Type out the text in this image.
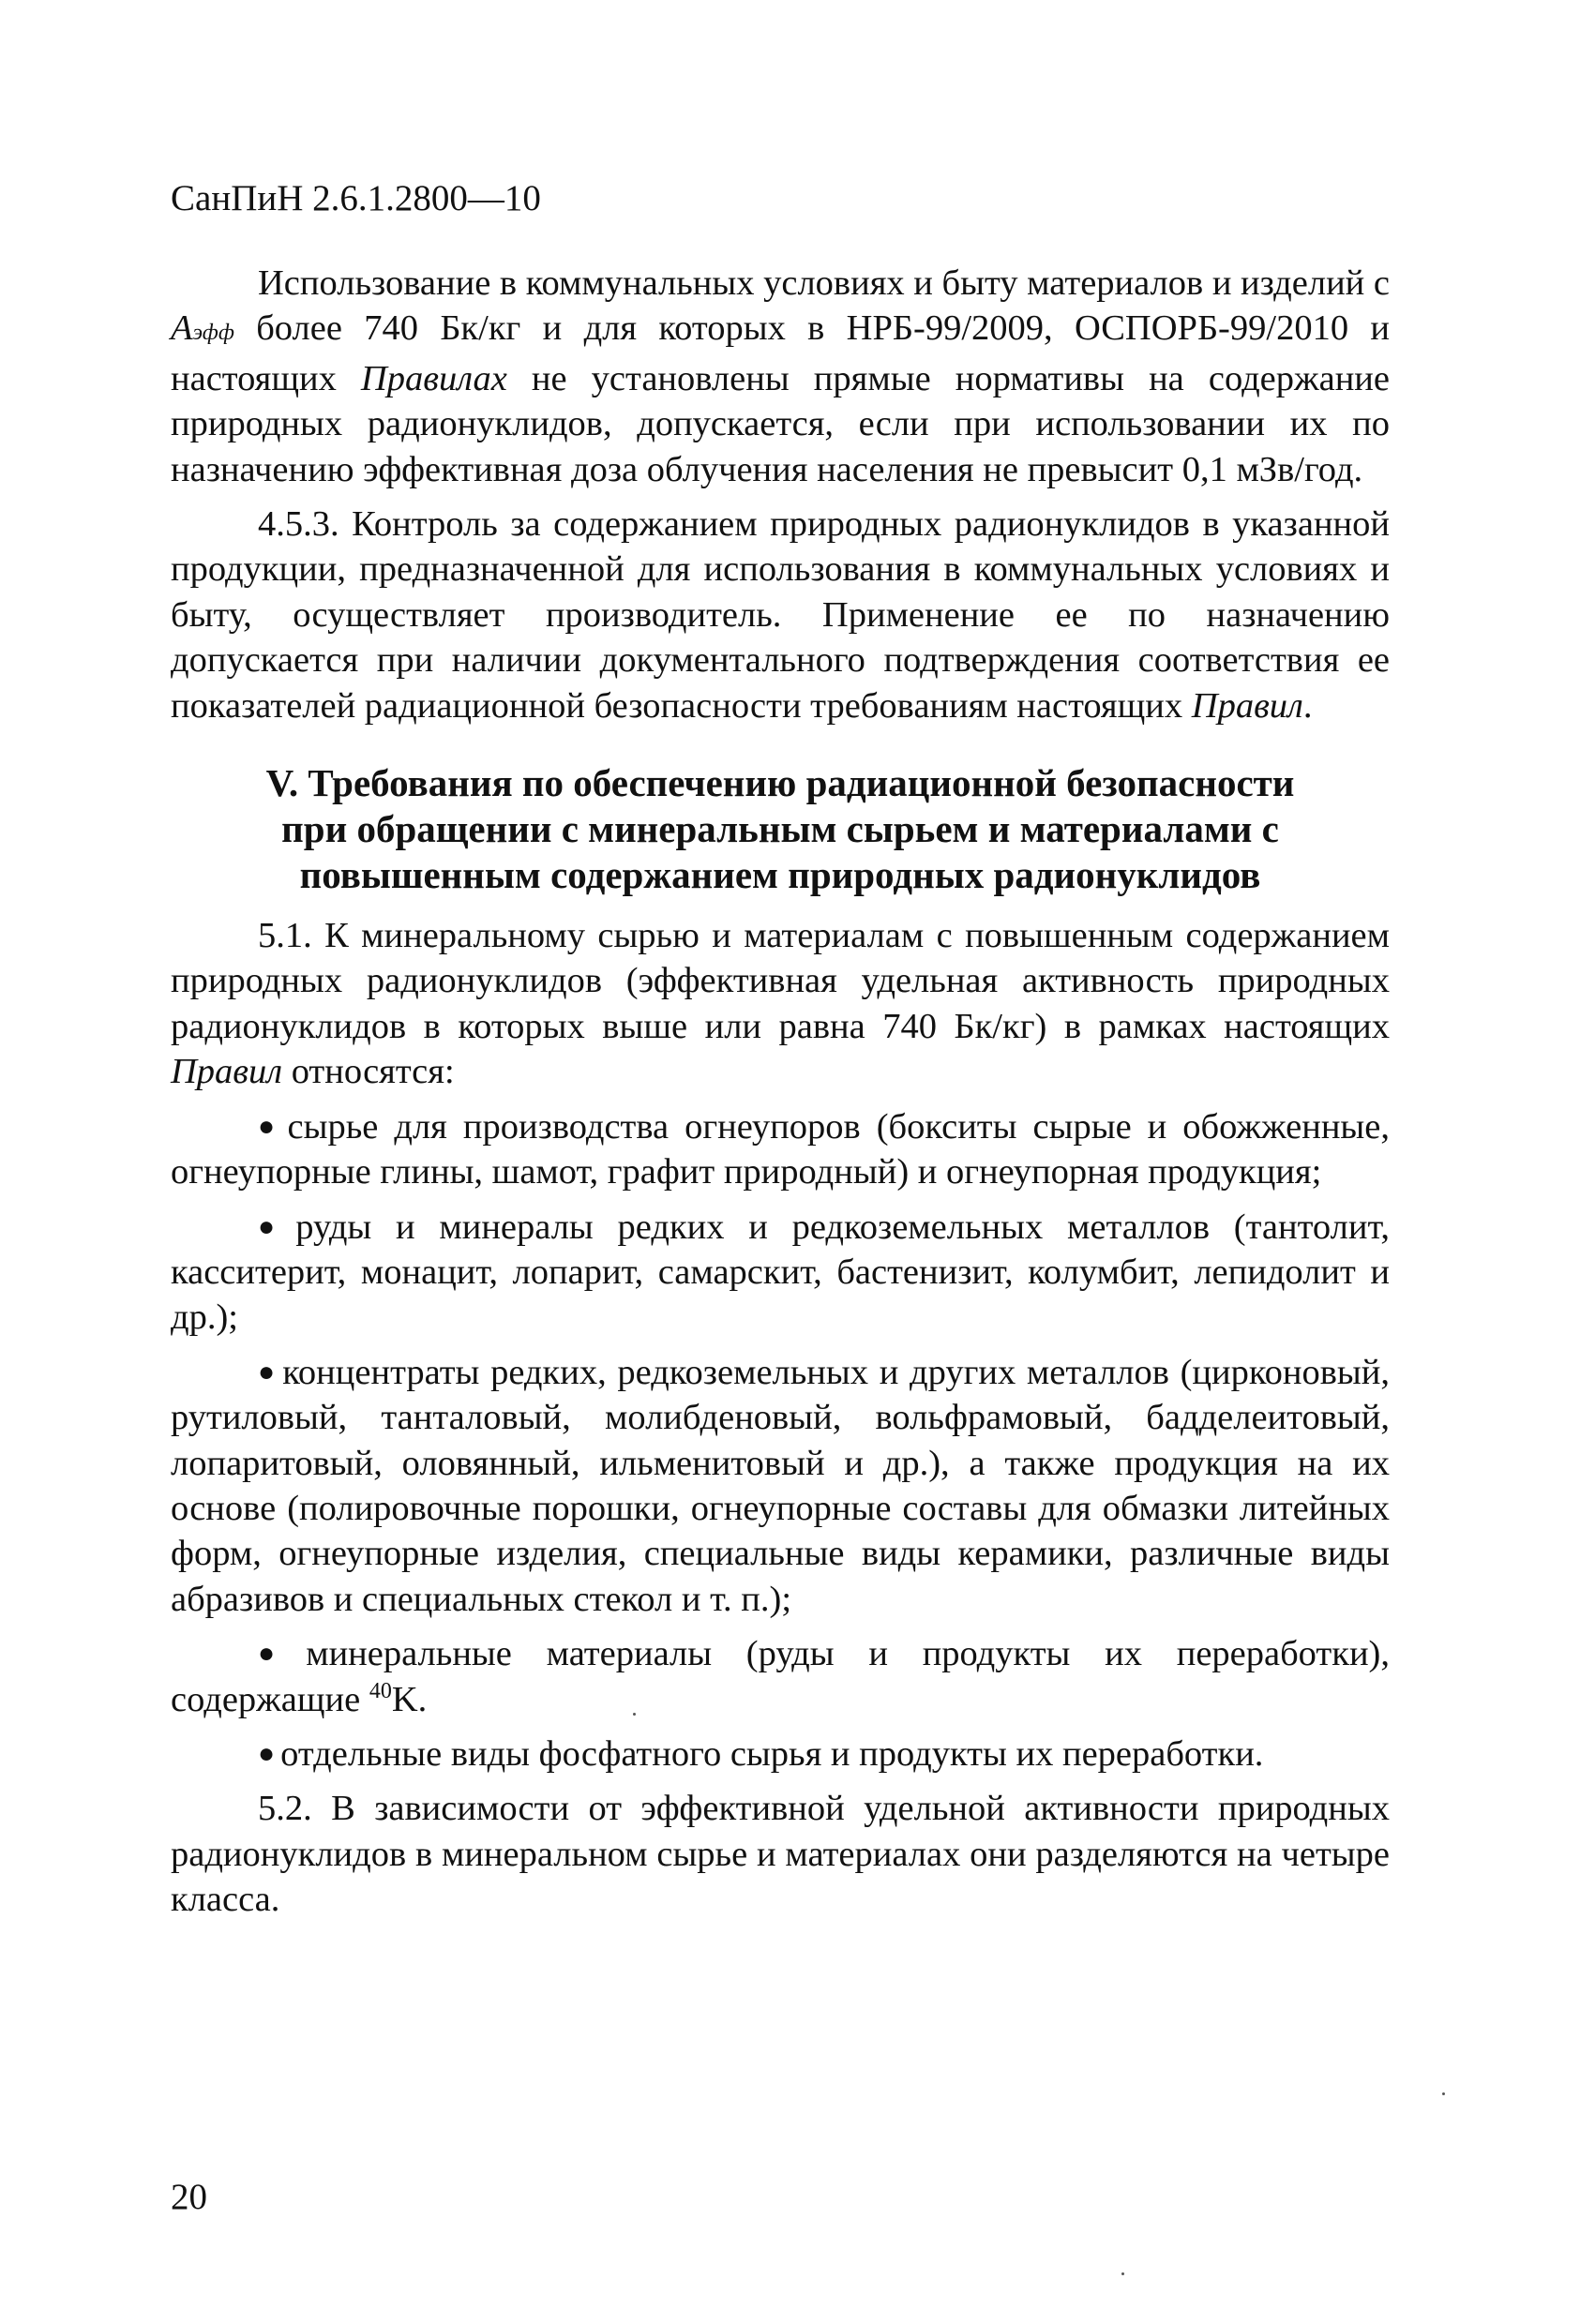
СанПиН 2.6.1.2800—10

Использование в коммунальных условиях и быту материалов и изделий с Аэфф более 740 Бк/кг и для которых в НРБ-99/2009, ОСПОРБ-99/2010 и настоящих Правилах не установлены прямые нормативы на содержание природных радионуклидов, допускается, если при использовании их по назначению эффективная доза облучения населения не превысит 0,1 мЗв/год.

4.5.3. Контроль за содержанием природных радионуклидов в указанной продукции, предназначенной для использования в коммунальных условиях и быту, осуществляет производитель. Применение ее по назначению допускается при наличии документального подтверждения соответствия ее показателей радиационной безопасности требованиям настоящих Правил.

V. Требования по обеспечению радиационной безопасности
при обращении с минеральным сырьем и материалами с
повышенным содержанием природных радионуклидов

5.1. К минеральному сырью и материалам с повышенным содержанием природных радионуклидов (эффективная удельная активность природных радионуклидов в которых выше или равна 740 Бк/кг) в рамках настоящих Правил относятся:

● сырье для производства огнеупоров (бокситы сырые и обожженные, огнеупорные глины, шамот, графит природный) и огнеупорная продукция;

● руды и минералы редких и редкоземельных металлов (тантолит, касситерит, монацит, лопарит, самарскит, бастенизит, колумбит, лепидолит и др.);

● концентраты редких, редкоземельных и других металлов (цирконовый, рутиловый, танталовый, молибденовый, вольфрамовый, бадделеитовый, лопаритовый, оловянный, ильменитовый и др.), а также продукция на их основе (полировочные порошки, огнеупорные составы для обмазки литейных форм, огнеупорные изделия, специальные виды керамики, различные виды абразивов и специальных стекол и т. п.);

● минеральные материалы (руды и продукты их переработки), содержащие $^{40}$K.

● отдельные виды фосфатного сырья и продукты их переработки.

5.2. В зависимости от эффективной удельной активности природных радионуклидов в минеральном сырье и материалах они разделяются на четыре класса.

20
